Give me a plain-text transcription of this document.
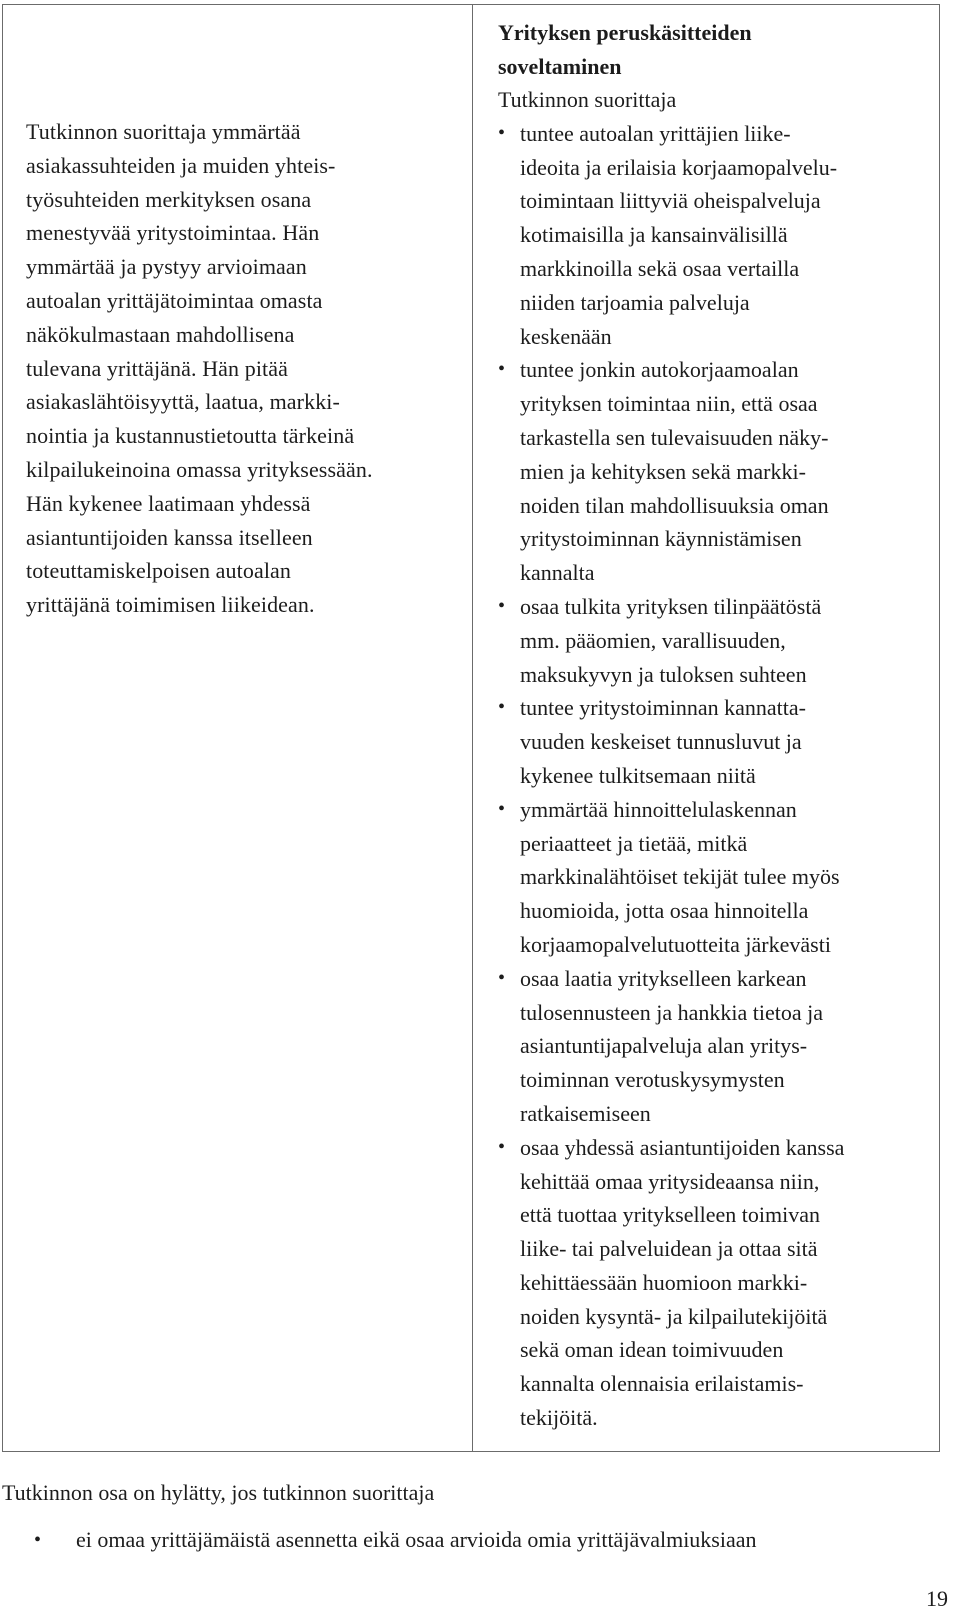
Tutkinnon suorittaja ymmärtää
asiakassuhteiden ja muiden yhteis-
työsuhteiden merkityksen osana
menestyvää yritystoimintaa. Hän
ymmärtää ja pystyy arvioimaan
autoalan yrittäjätoimintaa omasta
näkökulmastaan mahdollisena
tulevana yrittäjänä. Hän pitää
asiakaslähtöisyyttä, laatua, markki-
nointia ja kustannustietoutta tärkeinä
kilpailukeinoina omassa yrityksessään.
Hän kykenee laatimaan yhdessä
asiantuntijoiden kanssa itselleen
toteuttamiskelpoisen autoalan
yrittäjänä toimimisen liikeidean.
Yrityksen peruskäsitteiden
soveltaminen
Tutkinnon suorittaja
• tuntee autoalan yrittäjien liike-
ideoita ja erilaisia korjaamopalvelu-
toimintaan liittyviä oheispalveluja
kotimaisilla ja kansainvälisillä
markkinoilla sekä osaa vertailla
niiden tarjoamia palveluja
keskenään
• tuntee jonkin autokorjaamoalan
yrityksen toimintaa niin, että osaa
tarkastella sen tulevaisuuden näky-
mien ja kehityksen sekä markki-
noiden tilan mahdollisuuksia oman
yritystoiminnan käynnistämisen
kannalta
• osaa tulkita yrityksen tilinpäätöstä
mm. pääomien, varallisuuden,
maksukyvyn ja tuloksen suhteen
• tuntee yritystoiminnan kannatta-
vuuden keskeiset tunnusluvut ja
kykenee tulkitsemaan niitä
• ymmärtää hinnoittelulaskennan
periaatteet ja tietää, mitkä
markkinalähtöiset tekijät tulee myös
huomioida, jotta osaa hinnoitella
korjaamopalvelutuotteita järkevästi
• osaa laatia yritykselleen karkean
tulosennusteen ja hankkia tietoa ja
asiantuntijapalveluja alan yritys-
toiminnan verotuskysymysten
ratkaisemiseen
• osaa yhdessä asiantuntijoiden kanssa
kehittää omaa yritysideaansa niin,
että tuottaa yritykselleen toimivan
liike- tai palveluidean ja ottaa sitä
kehittäessään huomioon markki-
noiden kysyntä- ja kilpailutekijöitä
sekä oman idean toimivuuden
kannalta olennaisia erilaistamis-
tekijöitä.
Tutkinnon osa on hylätty, jos tutkinnon suorittaja
• ei omaa yrittäjämäistä asennetta eikä osaa arvioida omia yrittäjävalmiuksiaan
19
